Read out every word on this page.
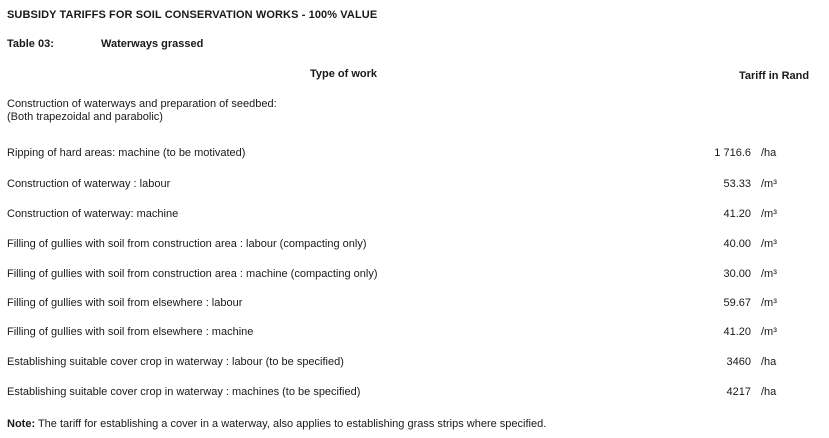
SUBSIDY TARIFFS FOR SOIL CONSERVATION WORKS - 100% VALUE
Table 03:	Waterways grassed
Type of work	Tariff in Rand
Construction of waterways and preparation of seedbed:
(Both trapezoidal and parabolic)
Ripping of hard areas: machine (to be motivated)	1 716.6 /ha
Construction of waterway : labour	53.33 /m³
Construction of waterway: machine	41.20 /m³
Filling of gullies with soil from construction area : labour (compacting only)	40.00 /m³
Filling of gullies with soil from construction area : machine (compacting only)	30.00 /m³
Filling of gullies with soil from elsewhere : labour	59.67 /m³
Filling of gullies with soil from elsewhere : machine	41.20 /m³
Establishing suitable cover crop in waterway : labour (to be specified)	3460 /ha
Establishing suitable cover crop in waterway : machines (to be specified)	4217 /ha
Note: The tariff for establishing a cover in a waterway, also applies to establishing grass strips where specified.
